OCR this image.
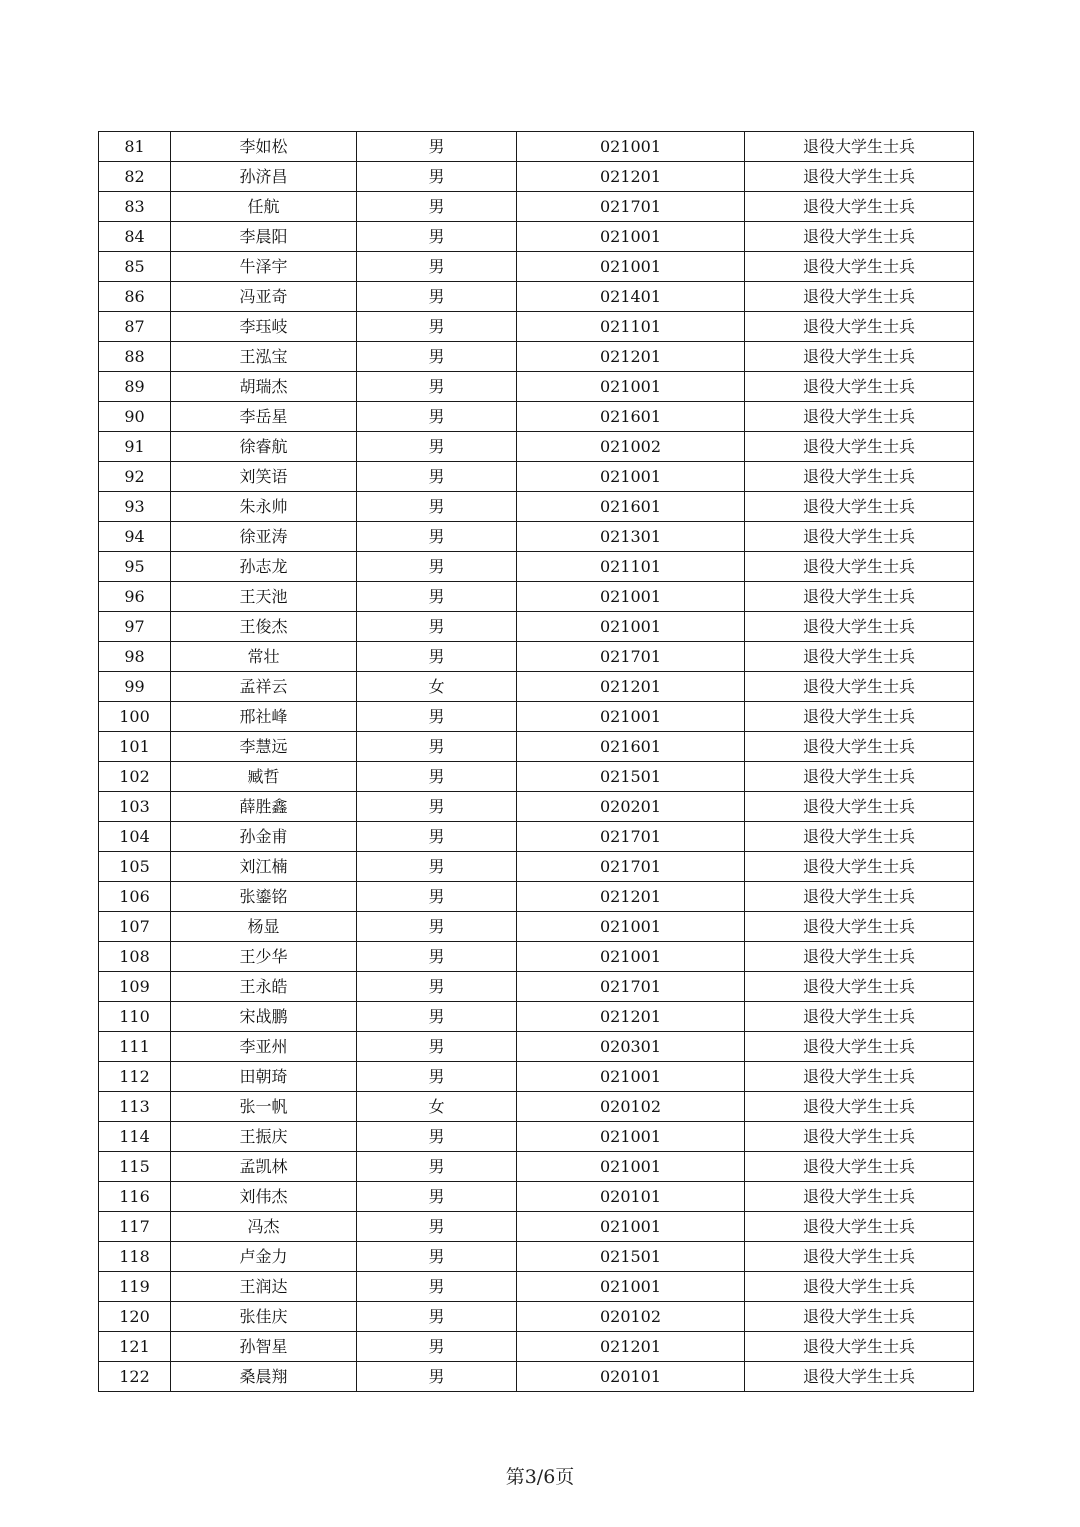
81	李如松	男	021001	退役大学生士兵
82	孙济昌	男	021201	退役大学生士兵
83	任航	男	021701	退役大学生士兵
84	李晨阳	男	021001	退役大学生士兵
85	牛泽宇	男	021001	退役大学生士兵
86	冯亚奇	男	021401	退役大学生士兵
87	李珏岐	男	021101	退役大学生士兵
88	王泓宝	男	021201	退役大学生士兵
89	胡瑞杰	男	021001	退役大学生士兵
90	李岳星	男	021601	退役大学生士兵
91	徐睿航	男	021002	退役大学生士兵
92	刘笑语	男	021001	退役大学生士兵
93	朱永帅	男	021601	退役大学生士兵
94	徐亚涛	男	021301	退役大学生士兵
95	孙志龙	男	021101	退役大学生士兵
96	王天池	男	021001	退役大学生士兵
97	王俊杰	男	021001	退役大学生士兵
98	常壮	男	021701	退役大学生士兵
99	孟祥云	女	021201	退役大学生士兵
100	邢社峰	男	021001	退役大学生士兵
101	李慧远	男	021601	退役大学生士兵
102	臧哲	男	021501	退役大学生士兵
103	薛胜鑫	男	020201	退役大学生士兵
104	孙金甫	男	021701	退役大学生士兵
105	刘江楠	男	021701	退役大学生士兵
106	张鎏铭	男	021201	退役大学生士兵
107	杨显	男	021001	退役大学生士兵
108	王少华	男	021001	退役大学生士兵
109	王永皓	男	021701	退役大学生士兵
110	宋战鹏	男	021201	退役大学生士兵
111	李亚州	男	020301	退役大学生士兵
112	田朝琦	男	021001	退役大学生士兵
113	张一帆	女	020102	退役大学生士兵
114	王振庆	男	021001	退役大学生士兵
115	孟凯林	男	021001	退役大学生士兵
116	刘伟杰	男	020101	退役大学生士兵
117	冯杰	男	021001	退役大学生士兵
118	卢金力	男	021501	退役大学生士兵
119	王润达	男	021001	退役大学生士兵
120	张佳庆	男	020102	退役大学生士兵
121	孙智星	男	021201	退役大学生士兵
122	桑晨翔	男	020101	退役大学生士兵
第3/6页
